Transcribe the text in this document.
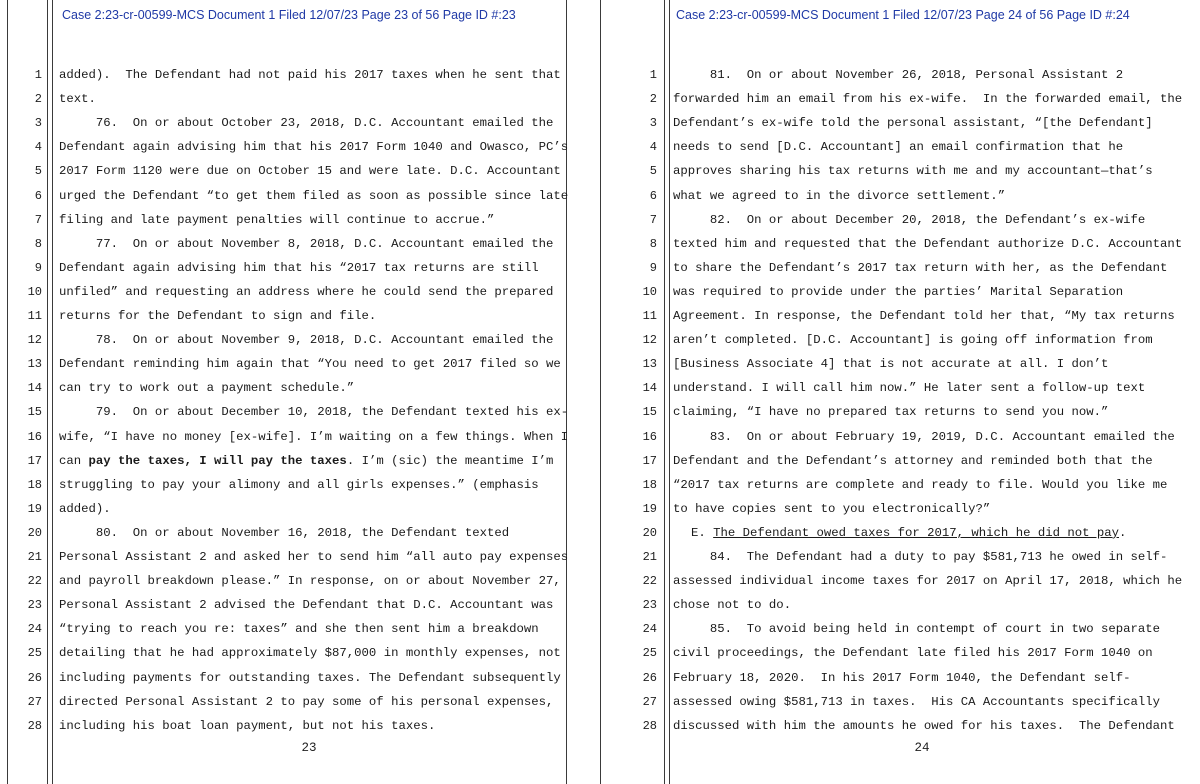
Case 2:23-cr-00599-MCS Document 1 Filed 12/07/23 Page 23 of 56 Page ID #:23
1
2
3
4
5
6
7
8
9
10
11
12
13
14
15
16
17
18
19
20
21
22
23
24
25
26
27
28
added).  The Defendant had not paid his 2017 taxes when he sent that
text.
76.  On or about October 23, 2018, D.C. Accountant emailed the
Defendant again advising him that his 2017 Form 1040 and Owasco, PC’s
2017 Form 1120 were due on October 15 and were late. D.C. Accountant
urged the Defendant “to get them filed as soon as possible since late
filing and late payment penalties will continue to accrue.”
77.  On or about November 8, 2018, D.C. Accountant emailed the
Defendant again advising him that his “2017 tax returns are still
unfiled” and requesting an address where he could send the prepared
returns for the Defendant to sign and file.
78.  On or about November 9, 2018, D.C. Accountant emailed the
Defendant reminding him again that “You need to get 2017 filed so we
can try to work out a payment schedule.”
79.  On or about December 10, 2018, the Defendant texted his ex-
wife, “I have no money [ex-wife]. I’m waiting on a few things. When I
can pay the taxes, I will pay the taxes. I’m (sic) the meantime I’m
struggling to pay your alimony and all girls expenses.” (emphasis
added).
80.  On or about November 16, 2018, the Defendant texted
Personal Assistant 2 and asked her to send him “all auto pay expenses
and payroll breakdown please.” In response, on or about November 27,
Personal Assistant 2 advised the Defendant that D.C. Accountant was
“trying to reach you re: taxes” and she then sent him a breakdown
detailing that he had approximately $87,000 in monthly expenses, not
including payments for outstanding taxes. The Defendant subsequently
directed Personal Assistant 2 to pay some of his personal expenses,
including his boat loan payment, but not his taxes.
23
Case 2:23-cr-00599-MCS Document 1 Filed 12/07/23 Page 24 of 56 Page ID #:24
1
2
3
4
5
6
7
8
9
10
11
12
13
14
15
16
17
18
19
20
21
22
23
24
25
26
27
28
81.  On or about November 26, 2018, Personal Assistant 2
forwarded him an email from his ex-wife.  In the forwarded email, the
Defendant’s ex-wife told the personal assistant, “[the Defendant]
needs to send [D.C. Accountant] an email confirmation that he
approves sharing his tax returns with me and my accountant—that’s
what we agreed to in the divorce settlement.”
82.  On or about December 20, 2018, the Defendant’s ex-wife
texted him and requested that the Defendant authorize D.C. Accountant
to share the Defendant’s 2017 tax return with her, as the Defendant
was required to provide under the parties’ Marital Separation
Agreement. In response, the Defendant told her that, “My tax returns
aren’t completed. [D.C. Accountant] is going off information from
[Business Associate 4] that is not accurate at all. I don’t
understand. I will call him now.” He later sent a follow-up text
claiming, “I have no prepared tax returns to send you now.”
83.  On or about February 19, 2019, D.C. Accountant emailed the
Defendant and the Defendant’s attorney and reminded both that the
“2017 tax returns are complete and ready to file. Would you like me
to have copies sent to you electronically?”
E. The Defendant owed taxes for 2017, which he did not pay.
84.  The Defendant had a duty to pay $581,713 he owed in self-
assessed individual income taxes for 2017 on April 17, 2018, which he
chose not to do.
85.  To avoid being held in contempt of court in two separate
civil proceedings, the Defendant late filed his 2017 Form 1040 on
February 18, 2020.  In his 2017 Form 1040, the Defendant self-
assessed owing $581,713 in taxes.  His CA Accountants specifically
discussed with him the amounts he owed for his taxes.  The Defendant
24
